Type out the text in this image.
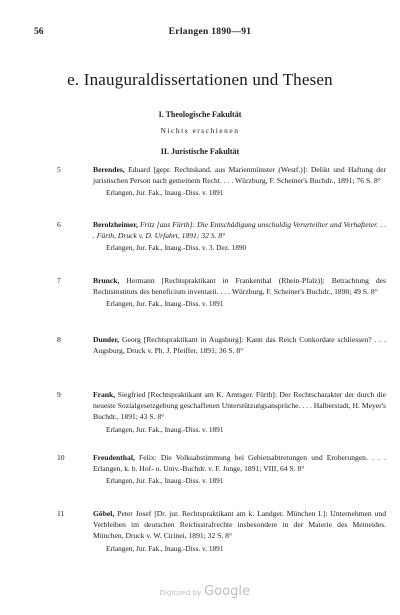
56	Erlangen 1890—91
e. Inauguraldissertationen und Thesen
I. Theologische Fakultät
Nichts erschienen
II. Juristische Fakultät
5	Berendes, Eduard [gepr. Rechtskand. aus Marienmünster (Westf.)]: Delikt und Haftung der juristischen Person nach gemeinem Recht. . . . Würzburg, F. Scheiner's Buchdr., 1891; 76 S. 8°

Erlangen, Jur. Fak., Inaug.-Diss. v. 1891

6	Berolzheimer, Fritz [aus Fürth]: Die Entschädigung unschuldig Verurteilter und Verhafteter. . . . Fürth, Druck v. D. Urfahrt, 1891; 32 S. 8°

Erlangen, Jur. Fak., Inaug.-Diss. v. 3. Dez. 1890

7	Brunck, Hermann [Rechtspraktikant in Frankenthal (Rhein-Pfalz)]: Betrachtung des Rechtsinstituts des beneficium inventarii. . . . Würzburg, F. Scheiner's Buchdr., 1890; 49 S. 8°

Erlangen, Jur. Fak., Inaug.-Diss. v. 1891

8	Dumler, Georg [Rechtspraktikant in Augsburg]: Kann das Reich Conkordate schliessen? . . . Augsburg, Druck v. Ph. J. Pfeiffer, 1891; 36 S. 8°

9	Frank, Siegfried [Rechtspraktikant am K. Amtsger. Fürth]: Der Rechtscharakter der durch die neueste Sozialgesetzgebung geschaffenen Unterstützungsansprüche. . . . Halberstadt, H. Meyer's Buchdr., 1891; 43 S. 8°

Erlangen, Jur. Fak., Inaug.-Diss. v. 1891

10	Freudenthal, Felix: Die Volksabstimmung bei Gebietsabtretungen und Eroberungen. . . . Erlangen, k. b. Hof- u. Univ.-Buchdr. v. F. Junge, 1891; VIII, 64 S. 8°

Erlangen, Jur. Fak., Inaug.-Diss. v. 1891

11	Göbel, Peter Josef [Dr. jur. Rechtspraktikant am k. Landger. München I.]: Unternehmen und Verbleiben im deutschen Reichsstrafrechte insbesondere in der Materie des Meineides. München, Druck v. W. Cirinei, 1891; 32 S. 8°

Erlangen, Jur. Fak., Inaug.-Diss. v. 1891

Digitized by Google
